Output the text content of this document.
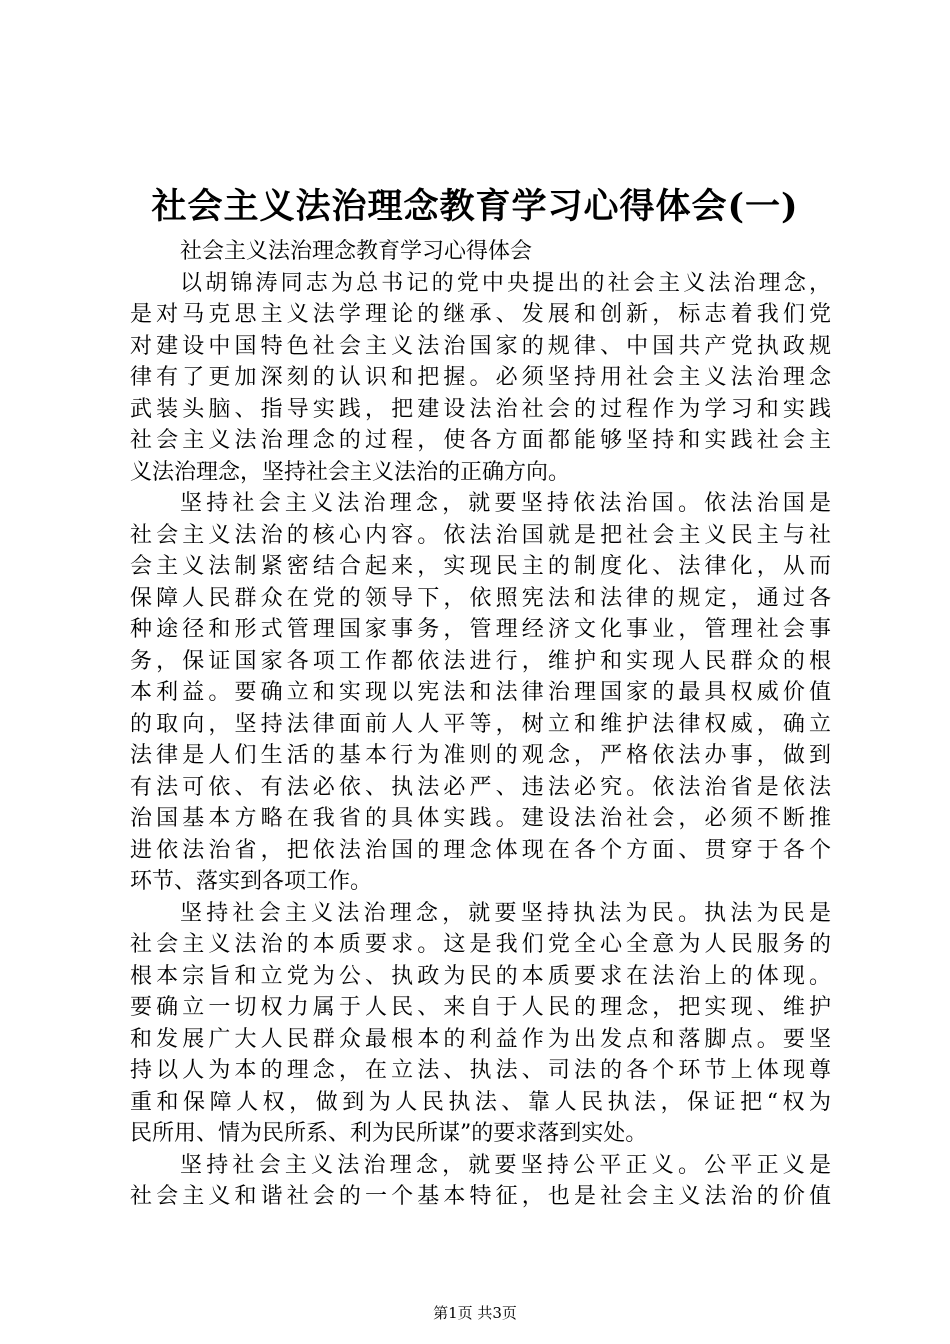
社会主义法治理念教育学习心得体会(一)
社会主义法治理念教育学习心得体会
以胡锦涛同志为总书记的党中央提出的社会主义法治理念，
是对马克思主义法学理论的继承、发展和创新，标志着我们党
对建设中国特色社会主义法治国家的规律、中国共产党执政规
律有了更加深刻的认识和把握。必须坚持用社会主义法治理念
武装头脑、指导实践，把建设法治社会的过程作为学习和实践
社会主义法治理念的过程，使各方面都能够坚持和实践社会主
义法治理念，坚持社会主义法治的正确方向。
坚持社会主义法治理念，就要坚持依法治国。依法治国是
社会主义法治的核心内容。依法治国就是把社会主义民主与社
会主义法制紧密结合起来，实现民主的制度化、法律化，从而
保障人民群众在党的领导下，依照宪法和法律的规定，通过各
种途径和形式管理国家事务，管理经济文化事业，管理社会事
务，保证国家各项工作都依法进行，维护和实现人民群众的根
本利益。要确立和实现以宪法和法律治理国家的最具权威价值
的取向，坚持法律面前人人平等，树立和维护法律权威，确立
法律是人们生活的基本行为准则的观念，严格依法办事，做到
有法可依、有法必依、执法必严、违法必究。依法治省是依法
治国基本方略在我省的具体实践。建设法治社会，必须不断推
进依法治省，把依法治国的理念体现在各个方面、贯穿于各个
环节、落实到各项工作。
坚持社会主义法治理念，就要坚持执法为民。执法为民是
社会主义法治的本质要求。这是我们党全心全意为人民服务的
根本宗旨和立党为公、执政为民的本质要求在法治上的体现。
要确立一切权力属于人民、来自于人民的理念，把实现、维护
和发展广大人民群众最根本的利益作为出发点和落脚点。要坚
持以人为本的理念，在立法、执法、司法的各个环节上体现尊
重和保障人权，做到为人民执法、靠人民执法，保证把“权为
民所用、情为民所系、利为民所谋”的要求落到实处。
坚持社会主义法治理念，就要坚持公平正义。公平正义是
社会主义和谐社会的一个基本特征，也是社会主义法治的价值
第1页 共3页
